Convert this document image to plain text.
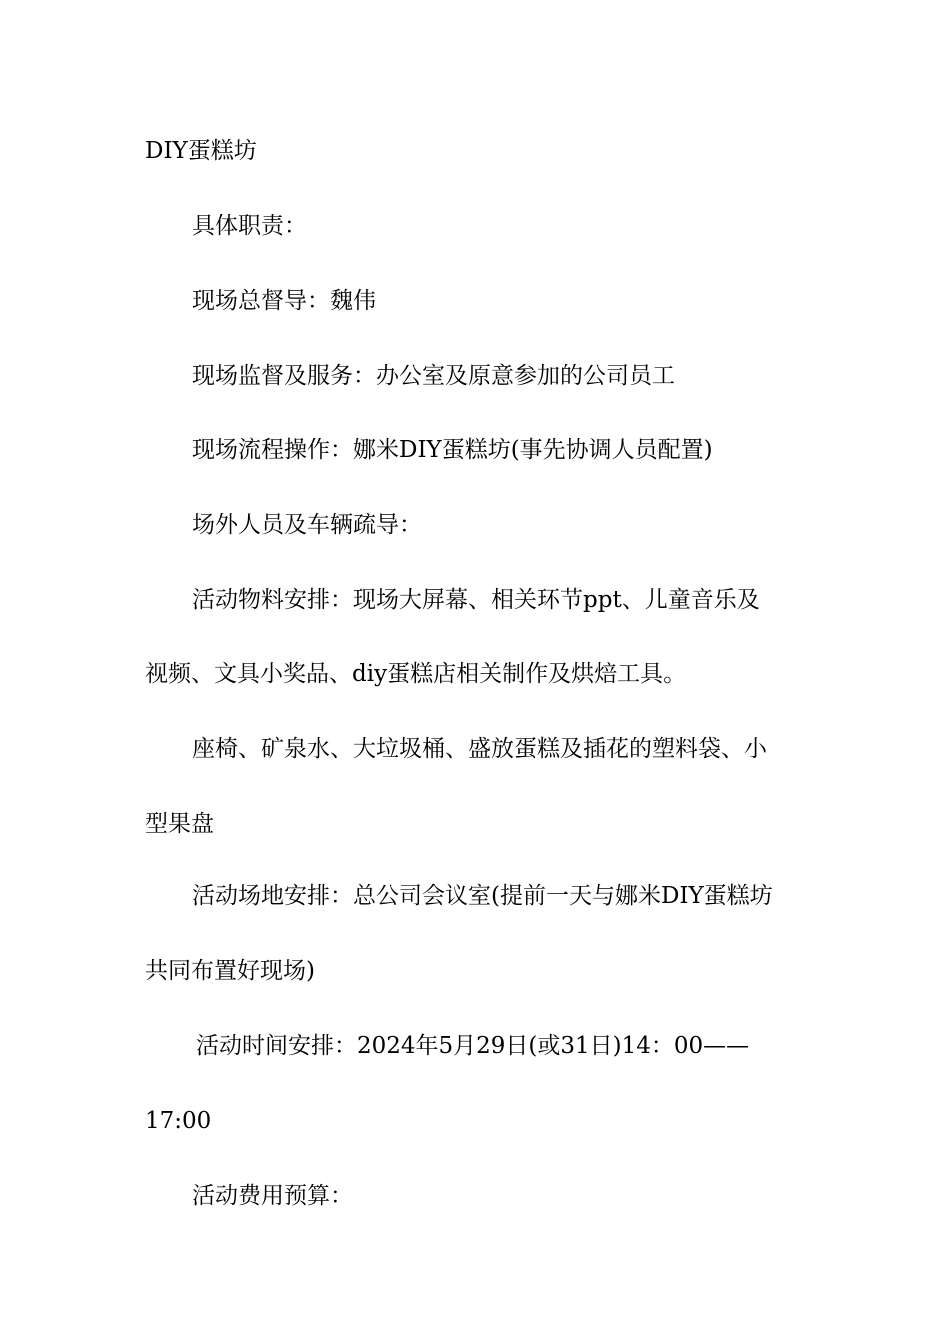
DIY蛋糕坊

具体职责：

现场总督导：魏伟

现场监督及服务：办公室及原意参加的公司员工

现场流程操作：娜米DIY蛋糕坊(事先协调人员配置)

场外人员及车辆疏导：

活动物料安排：现场大屏幕、相关环节ppt、儿童音乐及

视频、文具小奖品、diy蛋糕店相关制作及烘焙工具。

座椅、矿泉水、大垃圾桶、盛放蛋糕及插花的塑料袋、小

型果盘

活动场地安排：总公司会议室(提前一天与娜米DIY蛋糕坊

共同布置好现场)

活动时间安排：2024年5月29日(或31日)14：00——

17:00

活动费用预算：
